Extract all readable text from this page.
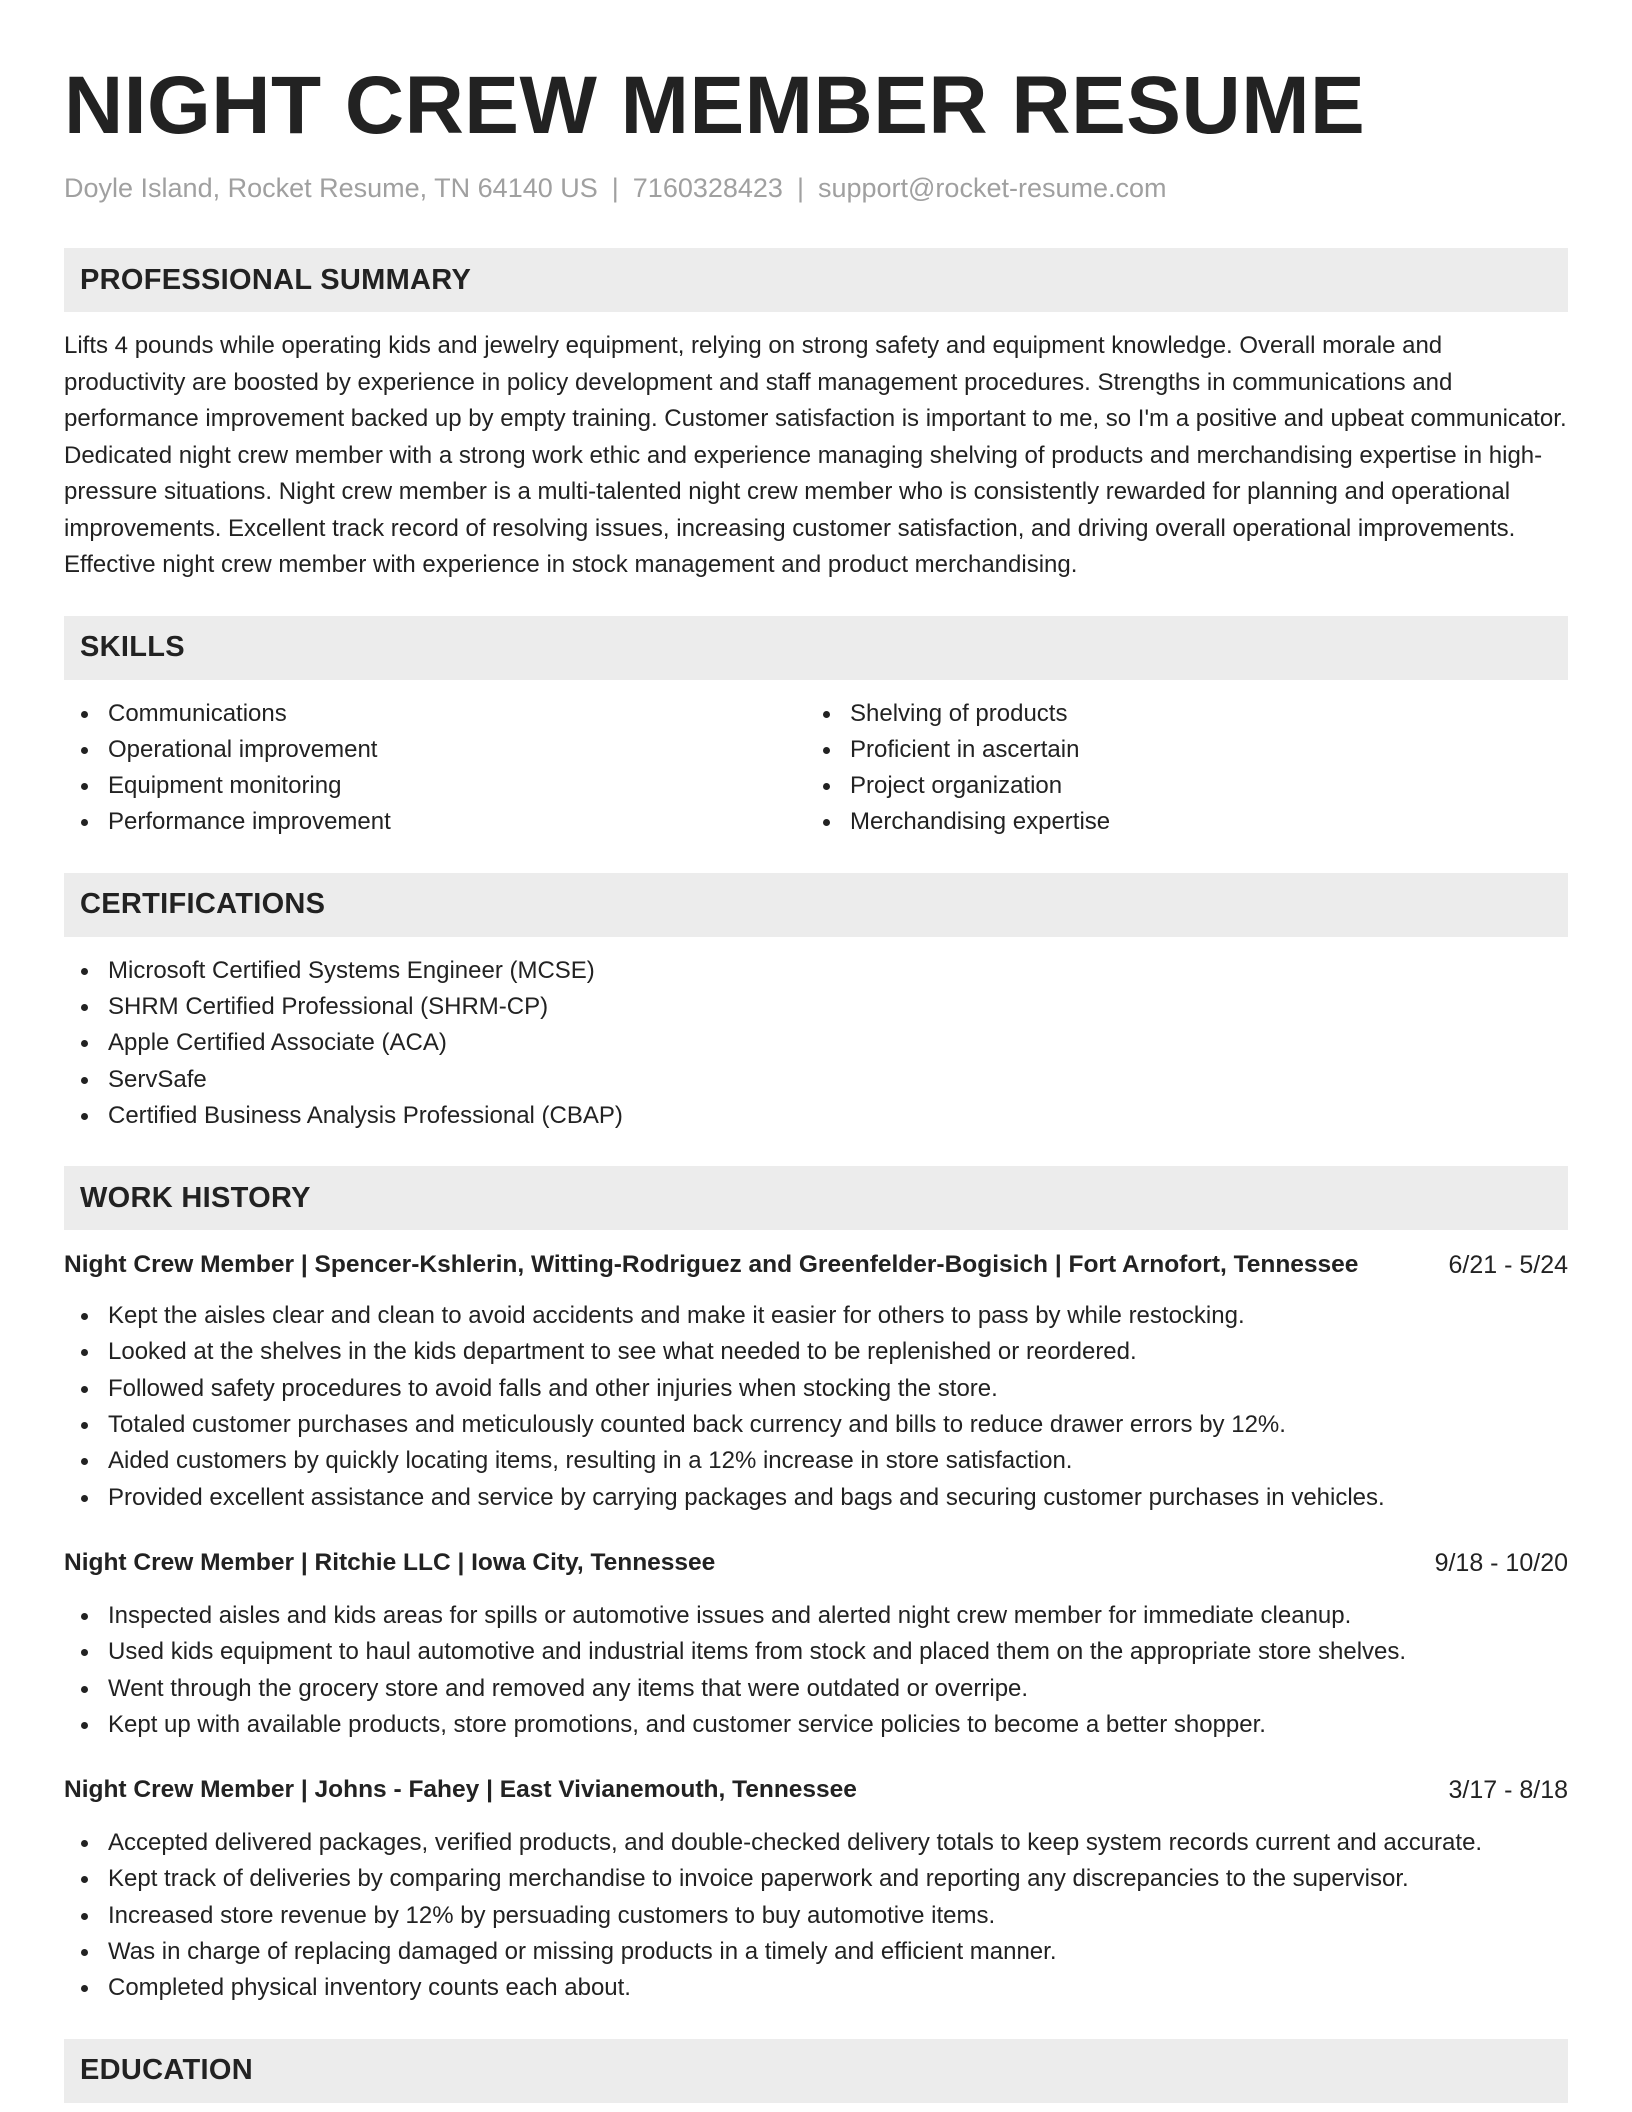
NIGHT CREW MEMBER RESUME
Doyle Island, Rocket Resume, TN 64140 US | 7160328423 | support@rocket-resume.com
PROFESSIONAL SUMMARY

Lifts 4 pounds while operating kids and jewelry equipment, relying on strong safety and equipment knowledge. Overall morale and productivity are boosted by experience in policy development and staff management procedures. Strengths in communications and performance improvement backed up by empty training. Customer satisfaction is important to me, so I'm a positive and upbeat communicator. Dedicated night crew member with a strong work ethic and experience managing shelving of products and merchandising expertise in high-pressure situations. Night crew member is a multi-talented night crew member who is consistently rewarded for planning and operational improvements. Excellent track record of resolving issues, increasing customer satisfaction, and driving overall operational improvements. Effective night crew member with experience in stock management and product merchandising.

SKILLS
Communications
Operational improvement
Equipment monitoring
Performance improvement
Shelving of products
Proficient in ascertain
Project organization
Merchandising expertise
CERTIFICATIONS
Microsoft Certified Systems Engineer (MCSE)
SHRM Certified Professional (SHRM-CP)
Apple Certified Associate (ACA)
ServSafe
Certified Business Analysis Professional (CBAP)
WORK HISTORY
Night Crew Member | Spencer-Kshlerin, Witting-Rodriguez and Greenfelder-Bogisich | Fort Arnofort, Tennessee	6/21 - 5/24
Kept the aisles clear and clean to avoid accidents and make it easier for others to pass by while restocking.
Looked at the shelves in the kids department to see what needed to be replenished or reordered.
Followed safety procedures to avoid falls and other injuries when stocking the store.
Totaled customer purchases and meticulously counted back currency and bills to reduce drawer errors by 12%.
Aided customers by quickly locating items, resulting in a 12% increase in store satisfaction.
Provided excellent assistance and service by carrying packages and bags and securing customer purchases in vehicles.
Night Crew Member | Ritchie LLC | Iowa City, Tennessee	9/18 - 10/20
Inspected aisles and kids areas for spills or automotive issues and alerted night crew member for immediate cleanup.
Used kids equipment to haul automotive and industrial items from stock and placed them on the appropriate store shelves.
Went through the grocery store and removed any items that were outdated or overripe.
Kept up with available products, store promotions, and customer service policies to become a better shopper.
Night Crew Member | Johns - Fahey | East Vivianemouth, Tennessee	3/17 - 8/18
Accepted delivered packages, verified products, and double-checked delivery totals to keep system records current and accurate.
Kept track of deliveries by comparing merchandise to invoice paperwork and reporting any discrepancies to the supervisor.
Increased store revenue by 12% by persuading customers to buy automotive items.
Was in charge of replacing damaged or missing products in a timely and efficient manner.
Completed physical inventory counts each about.
EDUCATION
